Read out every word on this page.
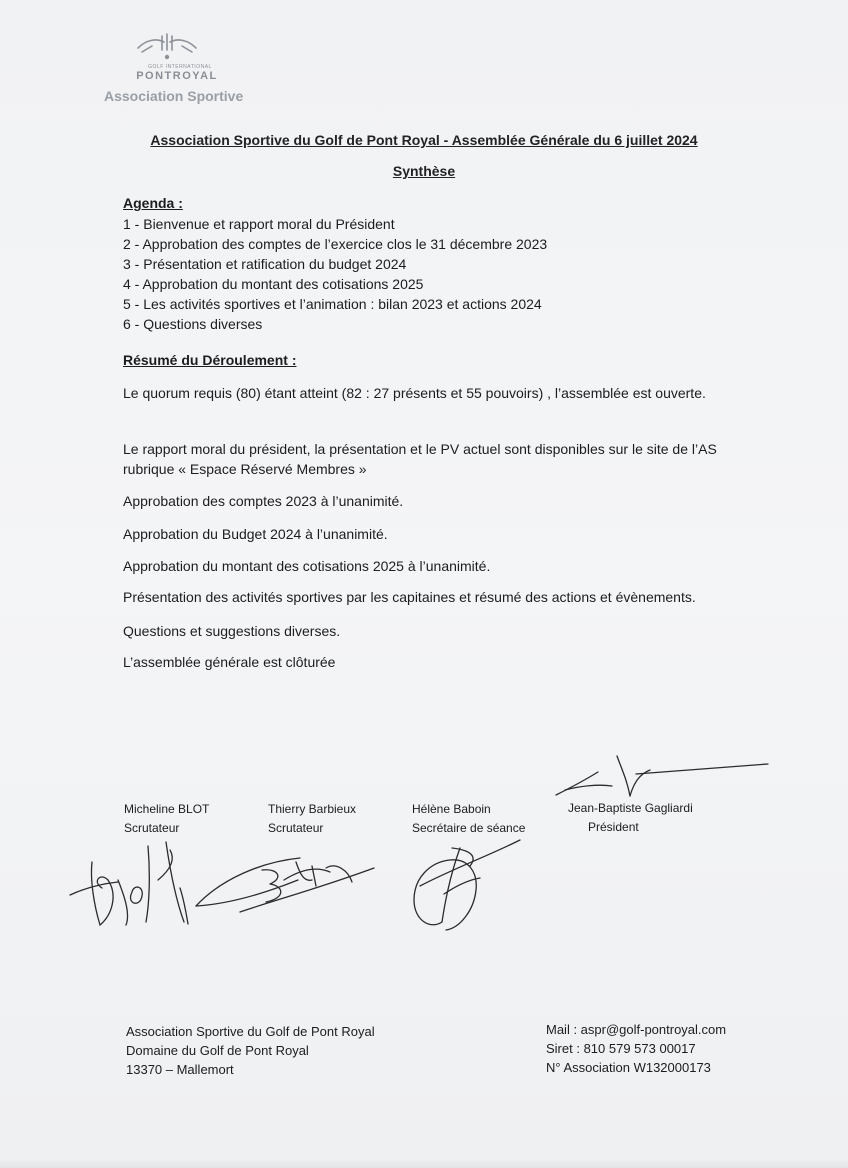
GOLF INTERNATIONAL
PONTROYAL
Association Sportive
Association Sportive du Golf de Pont Royal - Assemblée Générale du 6 juillet 2024
Synthèse
Agenda :
1 - Bienvenue et rapport moral du Président
2 - Approbation des comptes de l’exercice clos le 31 décembre 2023
3 - Présentation et ratification du budget 2024
4 - Approbation du montant des cotisations 2025
5 - Les activités sportives et l’animation : bilan 2023 et actions 2024
6 - Questions diverses
Résumé du Déroulement :
Le quorum requis (80) étant atteint (82 : 27 présents et 55 pouvoirs) , l’assemblée est ouverte.
Le rapport moral du président, la présentation et le PV actuel sont disponibles sur le site de l’AS rubrique « Espace Réservé Membres »
Approbation des comptes 2023 à l’unanimité.
Approbation du Budget 2024 à l’unanimité.
Approbation du montant des cotisations 2025 à l’unanimité.
Présentation des activités sportives par les capitaines et résumé des actions et évènements.
Questions et suggestions diverses.
L’assemblée générale est clôturée
Micheline BLOT
Scrutateur
Thierry Barbieux
Scrutateur
Hélène Baboin
Secrétaire de séance
Jean-Baptiste Gagliardi
Président
Association Sportive du Golf de Pont Royal
Domaine du Golf de Pont Royal
13370 – Mallemort
Mail : aspr@golf-pontroyal.com
Siret : 810 579 573 00017
N° Association W132000173
